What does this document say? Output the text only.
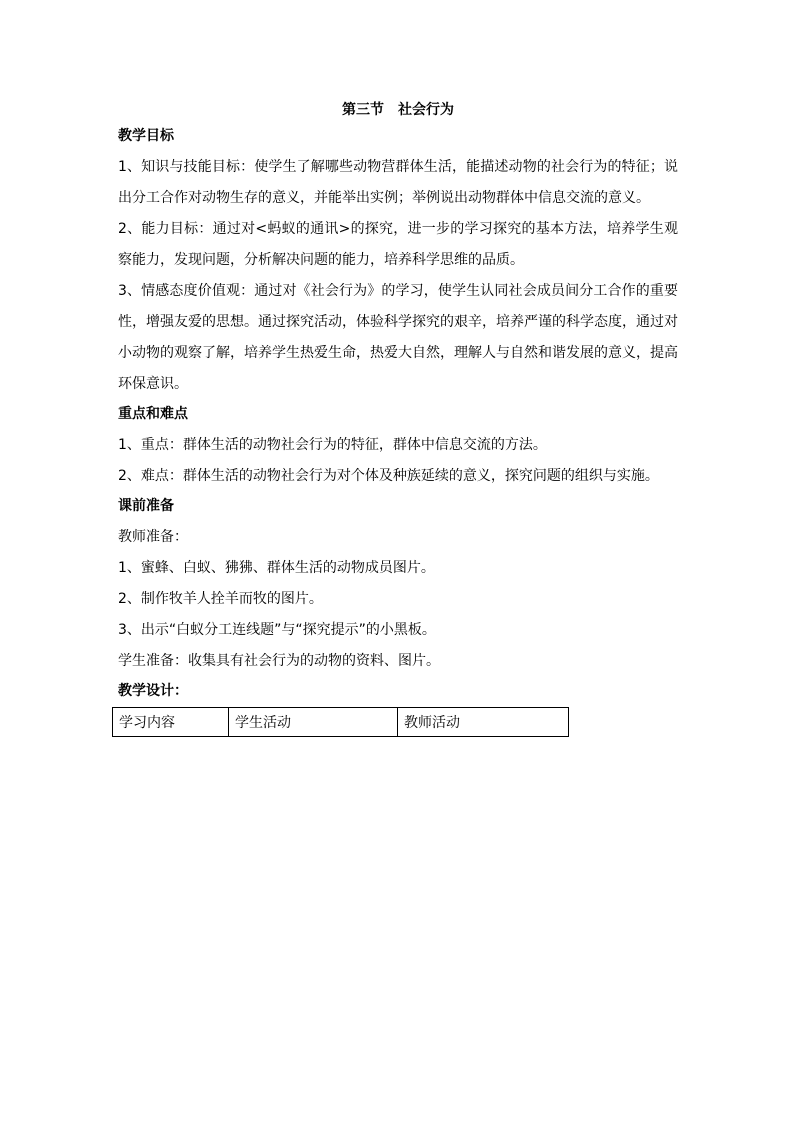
第三节　社会行为
教学目标

1、知识与技能目标：使学生了解哪些动物营群体生活，能描述动物的社会行为的特征；说出分工合作对动物生存的意义，并能举出实例；举例说出动物群体中信息交流的意义。

2、能力目标：通过对<蚂蚁的通讯>的探究，进一步的学习探究的基本方法，培养学生观察能力，发现问题，分析解决问题的能力，培养科学思维的品质。

3、情感态度价值观：通过对《社会行为》的学习，使学生认同社会成员间分工合作的重要性，增强友爱的思想。通过探究活动，体验科学探究的艰辛，培养严谨的科学态度，通过对小动物的观察了解，培养学生热爱生命，热爱大自然，理解人与自然和谐发展的意义，提高环保意识。

重点和难点

1、重点：群体生活的动物社会行为的特征，群体中信息交流的方法。

2、难点：群体生活的动物社会行为对个体及种族延续的意义，探究问题的组织与实施。

课前准备

教师准备：

1、蜜蜂、白蚁、狒狒、群体生活的动物成员图片。

2、制作牧羊人拴羊而牧的图片。

3、出示“白蚁分工连线题”与“探究提示”的小黑板。

学生准备：收集具有社会行为的动物的资料、图片。

教学设计：
学习内容	学生活动	教师活动
